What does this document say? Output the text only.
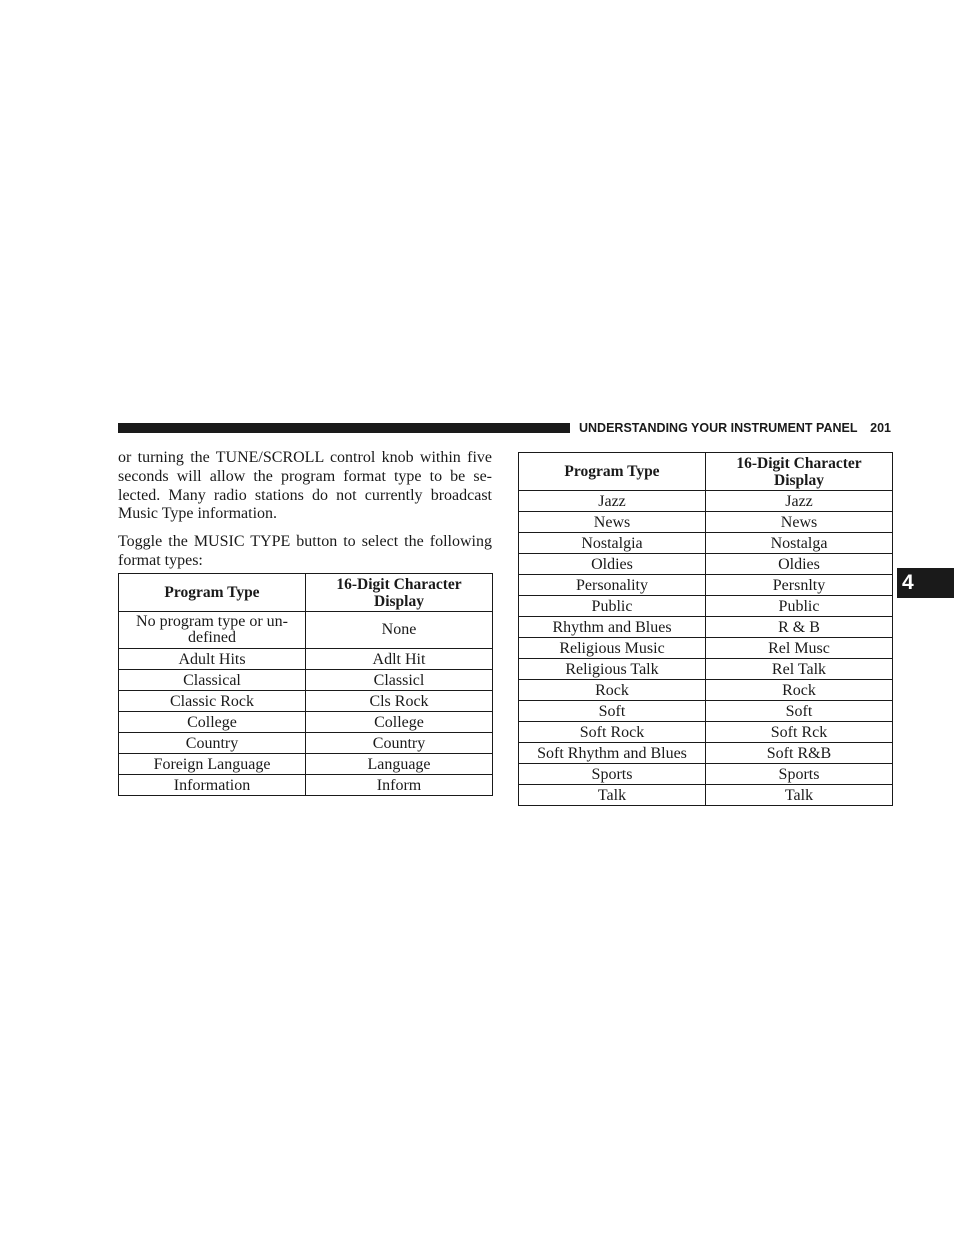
UNDERSTANDING YOUR INSTRUMENT PANEL 201
4

or turning the TUNE/SCROLL control knob within five seconds will allow the program format type to be se-lected. Many radio stations do not currently broadcast Music Type information.

Toggle the MUSIC TYPE button to select the following format types:

Program Type	16-Digit Character Display
No program type or un-defined	None
Adult Hits	Adlt Hit
Classical	Classicl
Classic Rock	Cls Rock
College	College
Country	Country
Foreign Language	Language
Information	Inform
Program Type	16-Digit Character Display
Jazz	Jazz
News	News
Nostalgia	Nostalga
Oldies	Oldies
Personality	Persnlty
Public	Public
Rhythm and Blues	R & B
Religious Music	Rel Musc
Religious Talk	Rel Talk
Rock	Rock
Soft	Soft
Soft Rock	Soft Rck
Soft Rhythm and Blues	Soft R&B
Sports	Sports
Talk	Talk
